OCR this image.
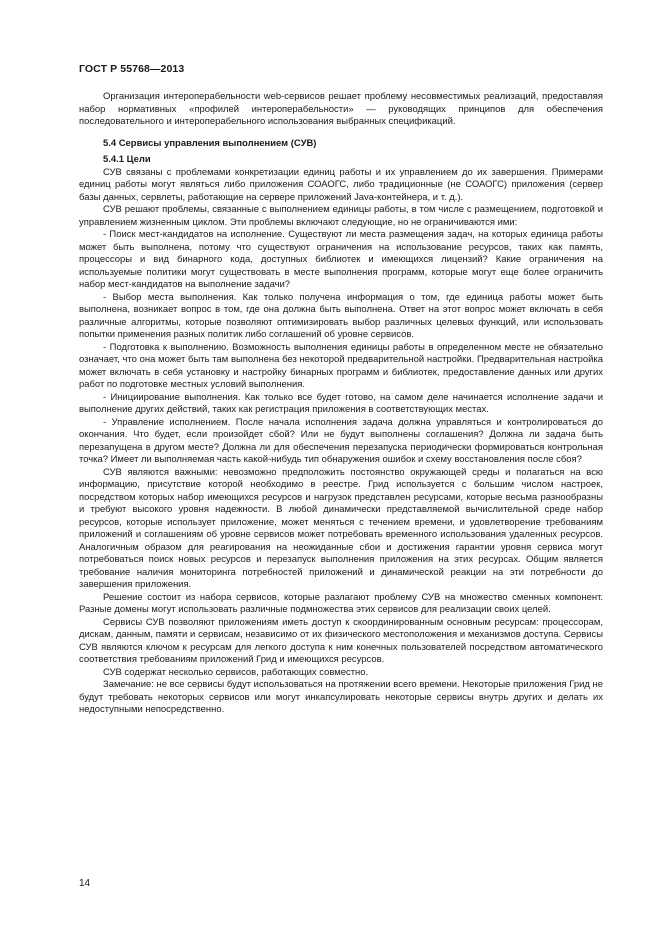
ГОСТ Р 55768—2013

Организация интероперабельности web-сервисов решает проблему несовместимых реализаций, предоставляя набор нормативных «профилей интероперабельности» — руководящих принципов для обеспечения последовательного и интероперабельного использования выбранных спецификаций.

5.4 Сервисы управления выполнением (СУВ)
5.4.1 Цели

СУВ связаны с проблемами конкретизации единиц работы и их управлением до их завершения. Примерами единиц работы могут являться либо приложения СОАОГС, либо традиционные (не СОАОГС) приложения (сервер базы данных, сервлеты, работающие на сервере приложений Java-контейнера, и т. д.).

СУВ решают проблемы, связанные с выполнением единицы работы, в том числе с размещением, подготовкой и управлением жизненным циклом. Эти проблемы включают следующие, но не ограничиваются ими:

- Поиск мест-кандидатов на исполнение. Существуют ли места размещения задач, на которых единица работы может быть выполнена, потому что существуют ограничения на использование ресурсов, таких как память, процессоры и вид бинарного кода, доступных библиотек и имеющихся лицензий? Какие ограничения на используемые политики могут существовать в месте выполнения программ, которые могут еще более ограничить набор мест-кандидатов на выполнение задачи?

- Выбор места выполнения. Как только получена информация о том, где единица работы может быть выполнена, возникает вопрос в том, где она должна быть выполнена. Ответ на этот вопрос может включать в себя различные алгоритмы, которые позволяют оптимизировать выбор различных целевых функций, или использовать попытки применения разных политик либо соглашений об уровне сервисов.

- Подготовка к выполнению. Возможность выполнения единицы работы в определенном месте не обязательно означает, что она может быть там выполнена без некоторой предварительной настройки. Предварительная настройка может включать в себя установку и настройку бинарных программ и библиотек, предоставление данных или других работ по подготовке местных условий выполнения.

- Инициирование выполнения. Как только все будет готово, на самом деле начинается исполнение задачи и выполнение других действий, таких как регистрация приложения в соответствующих местах.

- Управление исполнением. После начала исполнения задача должна управляться и контролироваться до окончания. Что будет, если произойдет сбой? Или не будут выполнены соглашения? Должна ли задача быть перезапущена в другом месте? Должна ли для обеспечения перезапуска периодически формироваться контрольная точка? Имеет ли выполняемая часть какой-нибудь тип обнаружения ошибок и схему восстановления после сбоя?

СУВ являются важными: невозможно предположить постоянство окружающей среды и полагаться на всю информацию, присутствие которой необходимо в реестре. Грид используется с большим числом настроек, посредством которых набор имеющихся ресурсов и нагрузок представлен ресурсами, которые весьма разнообразны и требуют высокого уровня надежности. В любой динамически представляемой вычислительной среде набор ресурсов, которые использует приложение, может меняться с течением времени, и удовлетворение требованиям приложений и соглашениям об уровне сервисов может потребовать временного использования удаленных ресурсов. Аналогичным образом для реагирования на неожиданные сбои и достижения гарантии уровня сервиса могут потребоваться поиск новых ресурсов и перезапуск выполнения приложения на этих ресурсах. Общим является требование наличия мониторинга потребностей приложений и динамической реакции на эти потребности до завершения приложения.

Решение состоит из набора сервисов, которые разлагают проблему СУВ на множество сменных компонент. Разные домены могут использовать различные подмножества этих сервисов для реализации своих целей.

Сервисы СУВ позволяют приложениям иметь доступ к скоординированным основным ресурсам: процессорам, дискам, данным, памяти и сервисам, независимо от их физического местоположения и механизмов доступа. Сервисы СУВ являются ключом к ресурсам для легкого доступа к ним конечных пользователей посредством автоматического соответствия требованиям приложений Грид и имеющихся ресурсов.

СУВ содержат несколько сервисов, работающих совместно.

Замечание: не все сервисы будут использоваться на протяжении всего времени. Некоторые приложения Грид не будут требовать некоторых сервисов или могут инкапсулировать некоторые сервисы внутрь других и делать их недоступными непосредственно.

14
